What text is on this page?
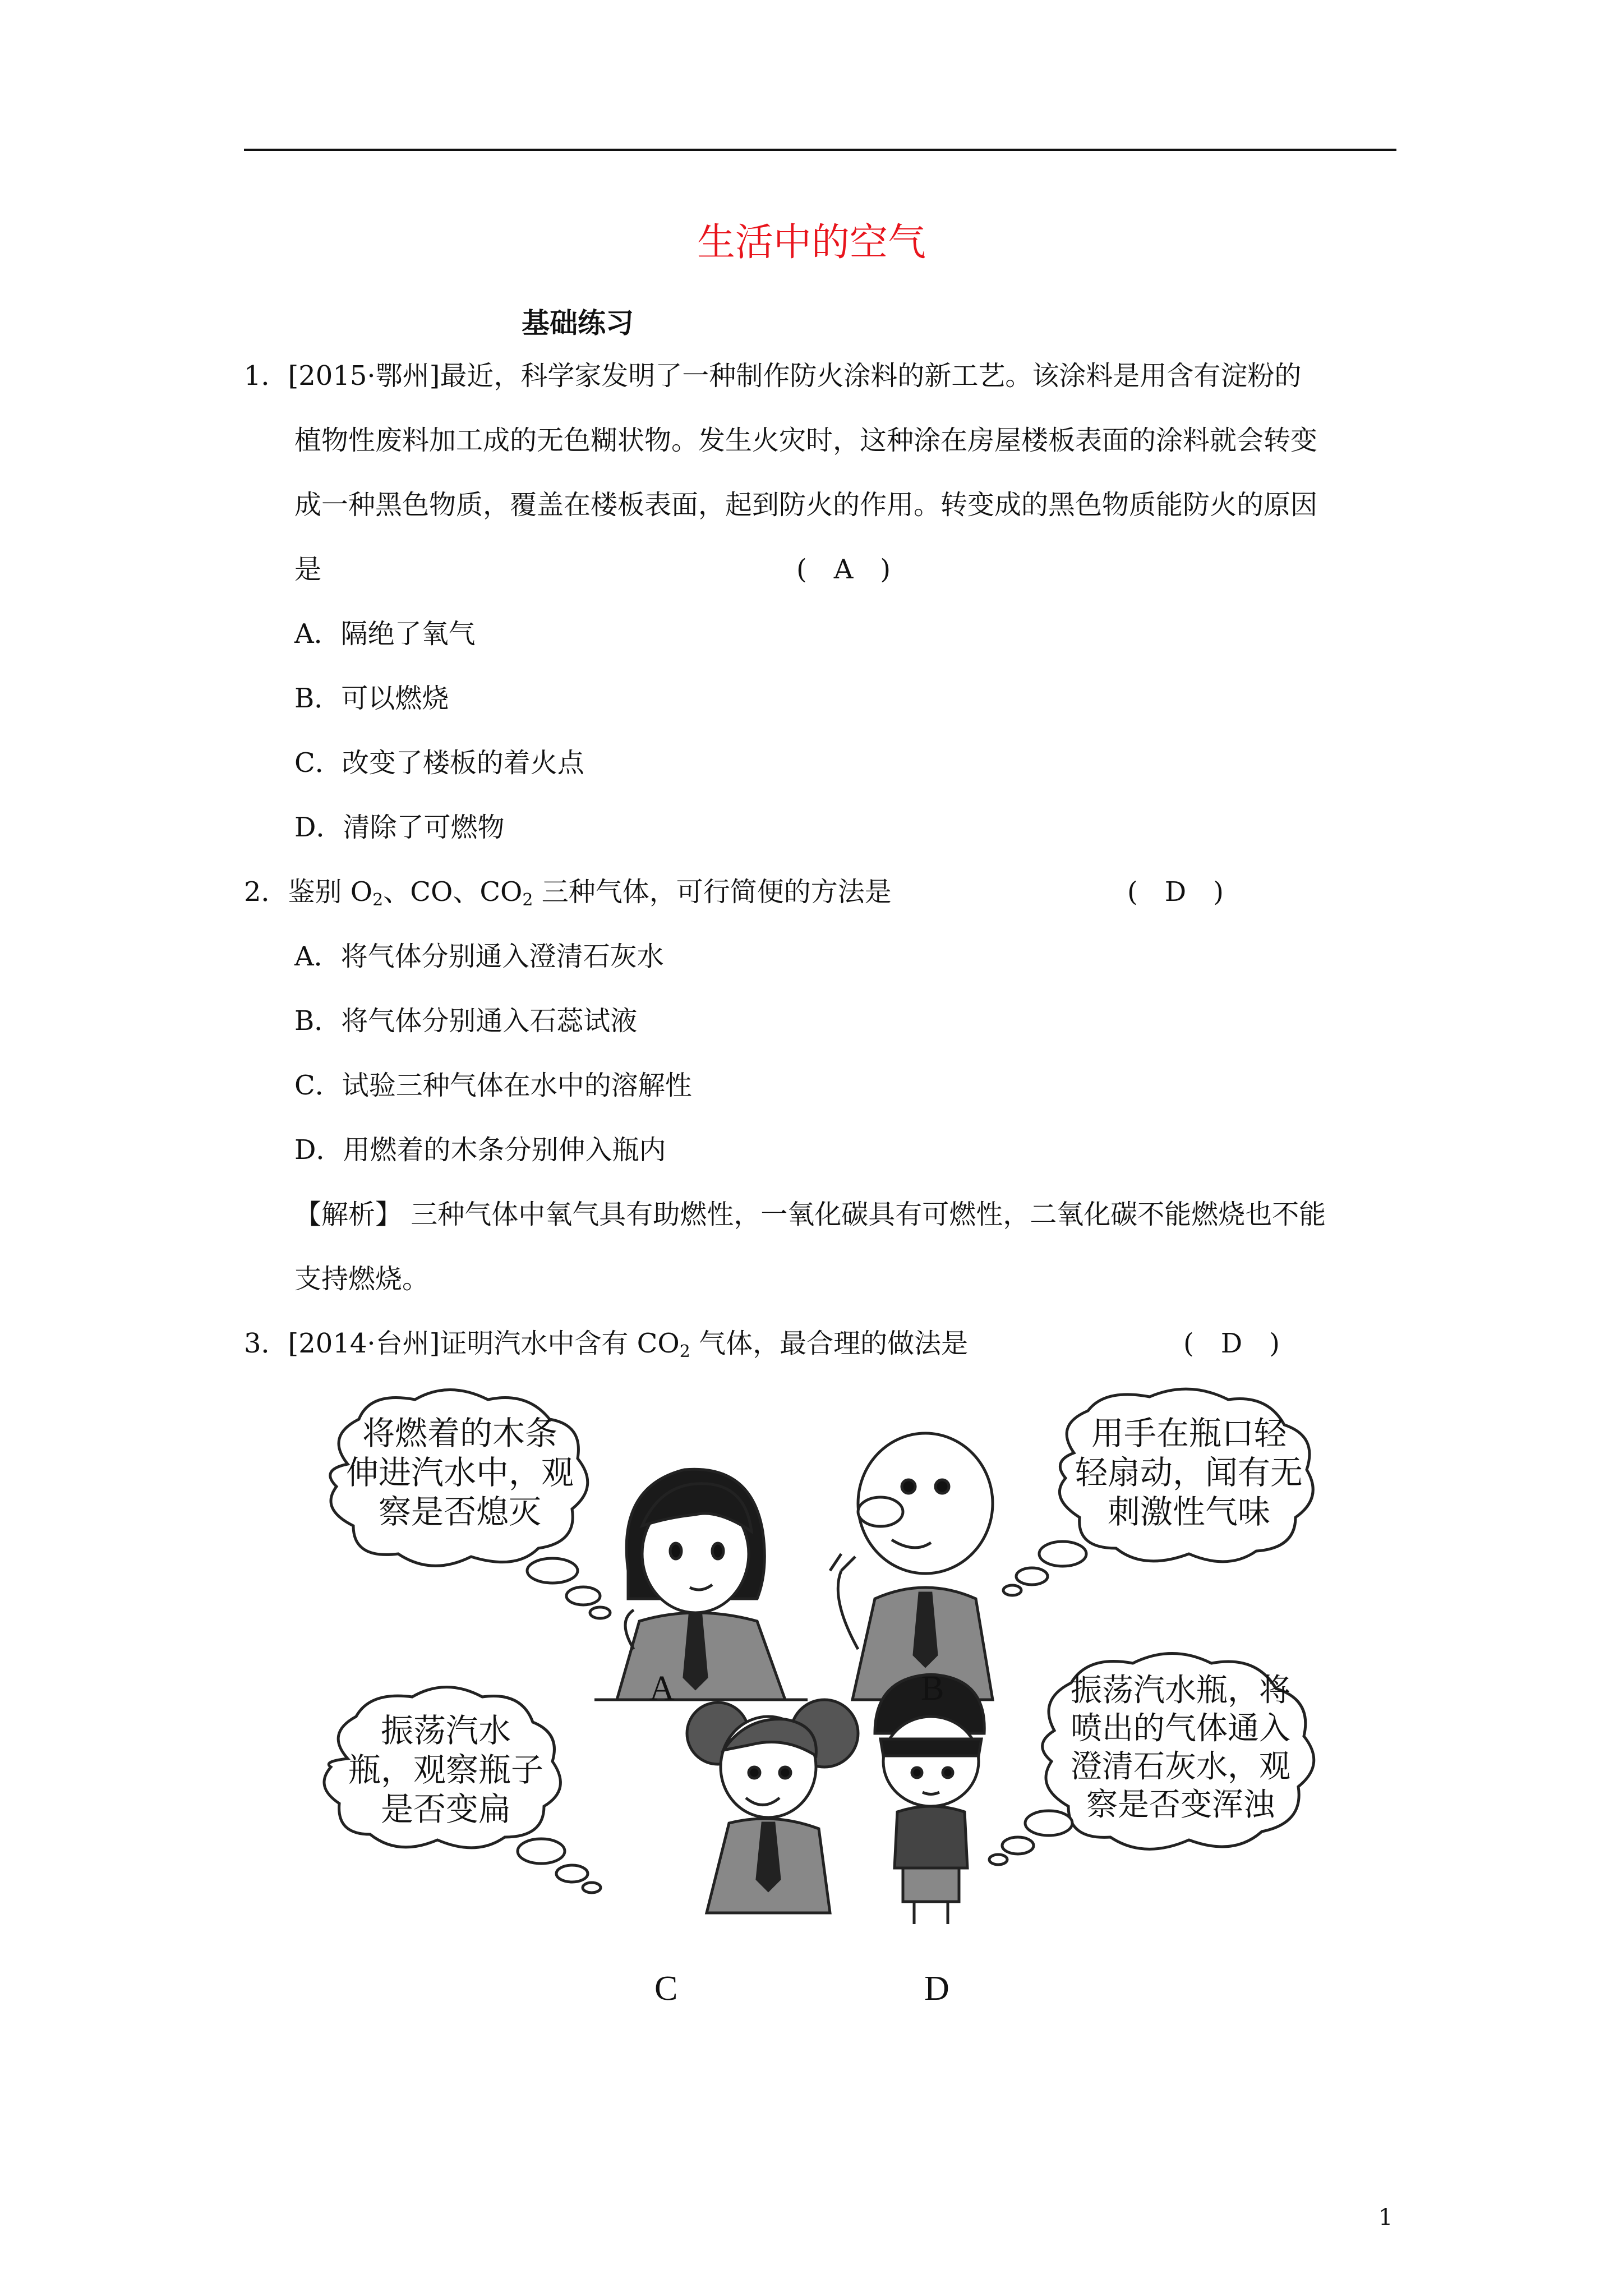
生活中的空气
基础练习
1．[2015·鄂州]最近，科学家发明了一种制作防火涂料的新工艺。该涂料是用含有淀粉的
植物性废料加工成的无色糊状物。发生火灾时，这种涂在房屋楼板表面的涂料就会转变
成一种黑色物质，覆盖在楼板表面，起到防火的作用。转变成的黑色物质能防火的原因
是	(　A　)
A．隔绝了氧气
B．可以燃烧
C．改变了楼板的着火点
D．清除了可燃物
2．鉴别 $O_2$、CO、$CO_2$ 三种气体，可行简便的方法是	(　D　)
A．将气体分别通入澄清石灰水
B．将气体分别通入石蕊试液
C．试验三种气体在水中的溶解性
D．用燃着的木条分别伸入瓶内
【解析】 三种气体中氧气具有助燃性，一氧化碳具有可燃性，二氧化碳不能燃烧也不能
支持燃烧。
3．[2014·台州]证明汽水中含有 $CO_2$ 气体，最合理的做法是	(　D　)
将燃着的木条
伸进汽水中，观
察是否熄灭
用手在瓶口轻
轻扇动，闻有无
刺激性气味
振荡汽水
瓶，观察瓶子
是否变扁
振荡汽水瓶，将
喷出的气体通入
澄清石灰水，观
察是否变浑浊
A	B
C	D
1
